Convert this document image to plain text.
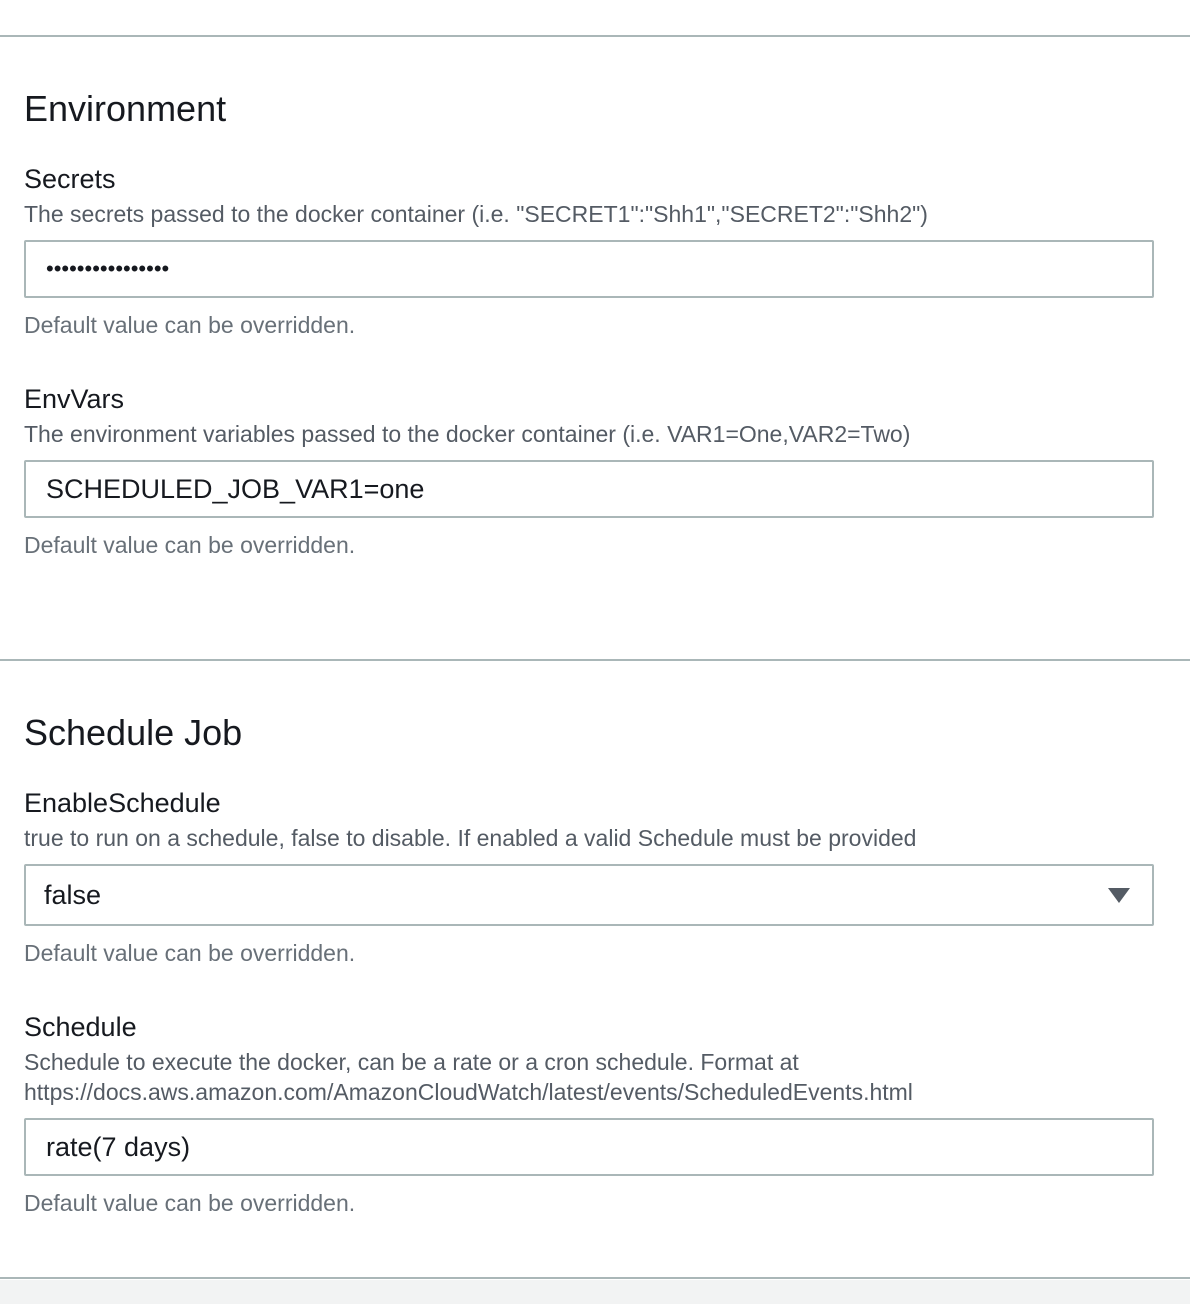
Environment
Secrets
The secrets passed to the docker container (i.e. "SECRET1":"Shh1","SECRET2":"Shh2")
••••••••••••••••
Default value can be overridden.
EnvVars
The environment variables passed to the docker container (i.e. VAR1=One,VAR2=Two)
SCHEDULED_JOB_VAR1=one
Default value can be overridden.
Schedule Job
EnableSchedule
true to run on a schedule, false to disable. If enabled a valid Schedule must be provided
false
Default value can be overridden.
Schedule
Schedule to execute the docker, can be a rate or a cron schedule. Format at
https://docs.aws.amazon.com/AmazonCloudWatch/latest/events/ScheduledEvents.html
rate(7 days)
Default value can be overridden.
